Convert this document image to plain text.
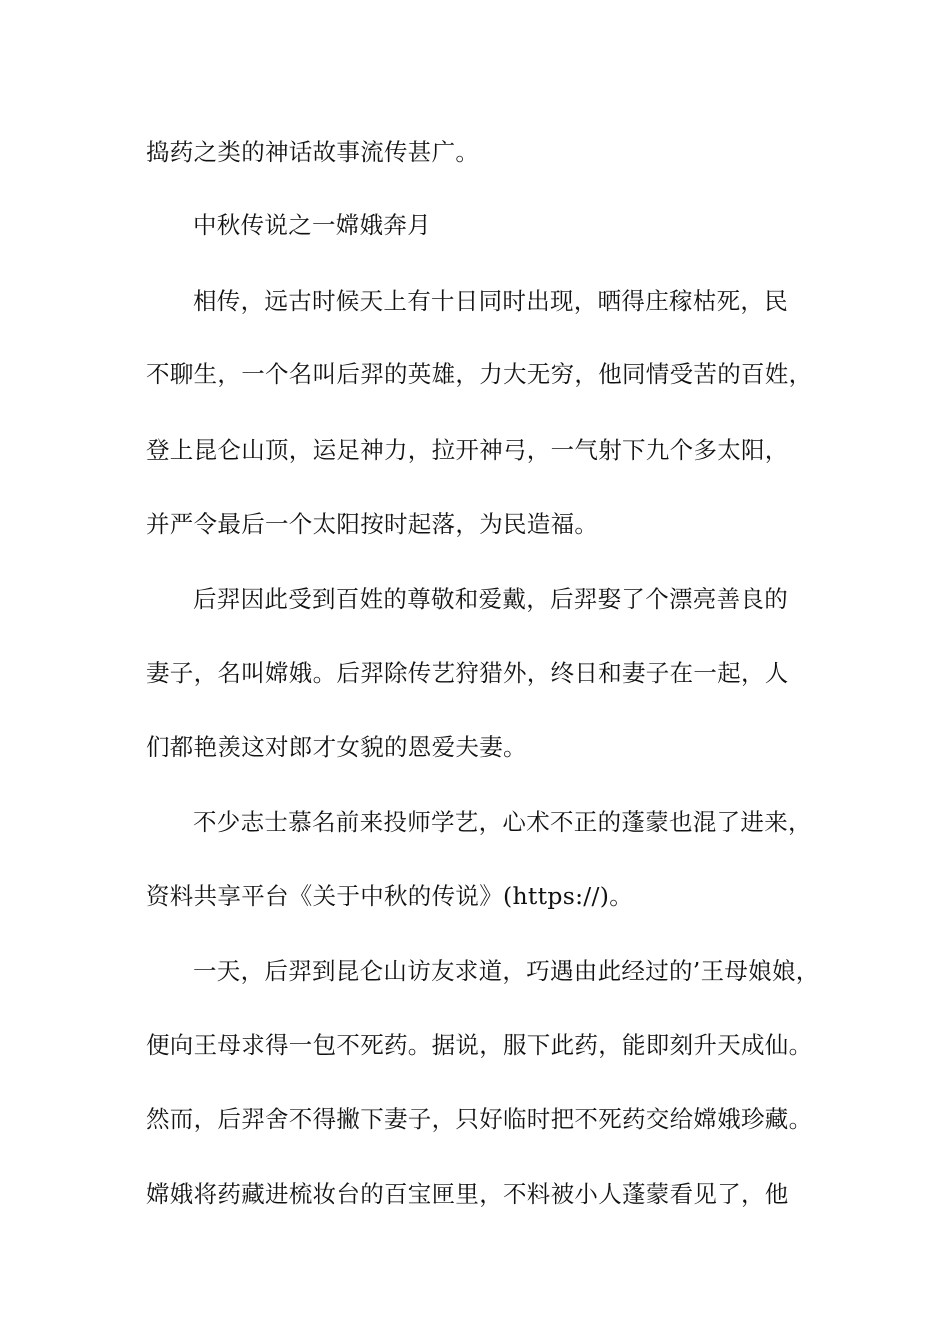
捣药之类的神话故事流传甚广。
中秋传说之一嫦娥奔月
相传，远古时候天上有十日同时出现，晒得庄稼枯死，民
不聊生，一个名叫后羿的英雄，力大无穷，他同情受苦的百姓，
登上昆仑山顶，运足神力，拉开神弓，一气射下九个多太阳，
并严令最后一个太阳按时起落，为民造福。
后羿因此受到百姓的尊敬和爱戴，后羿娶了个漂亮善良的
妻子，名叫嫦娥。后羿除传艺狩猎外，终日和妻子在一起，人
们都艳羡这对郎才女貌的恩爱夫妻。
不少志士慕名前来投师学艺，心术不正的蓬蒙也混了进来，
资料共享平台《关于中秋的传说》(https://)。
一天，后羿到昆仑山访友求道，巧遇由此经过的’王母娘娘，
便向王母求得一包不死药。据说，服下此药，能即刻升天成仙。
然而，后羿舍不得撇下妻子，只好临时把不死药交给嫦娥珍藏。
嫦娥将药藏进梳妆台的百宝匣里，不料被小人蓬蒙看见了，他
